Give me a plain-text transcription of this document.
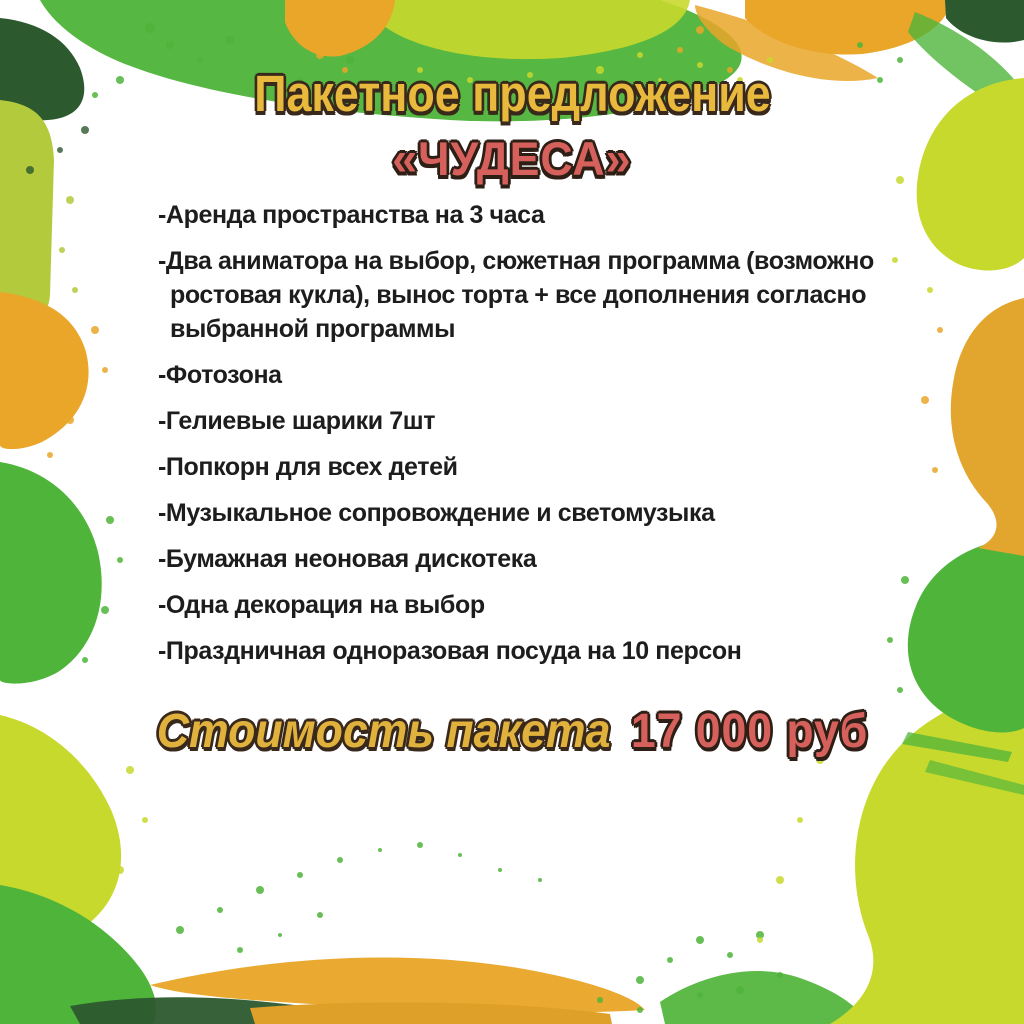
Пакетное предложение
«ЧУДЕСА»
-Аренда пространства на 3 часа
-Два аниматора на выбор, сюжетная программа (возможно ростовая кукла), вынос торта + все дополнения согласно выбранной программы
-Фотозона
-Гелиевые шарики 7шт
-Попкорн для всех детей
-Музыкальное сопровождение и светомузыка
-Бумажная неоновая дискотека
-Одна декорация на выбор
-Праздничная одноразовая посуда на 10 персон
Стоимость пакета 17 000 руб
